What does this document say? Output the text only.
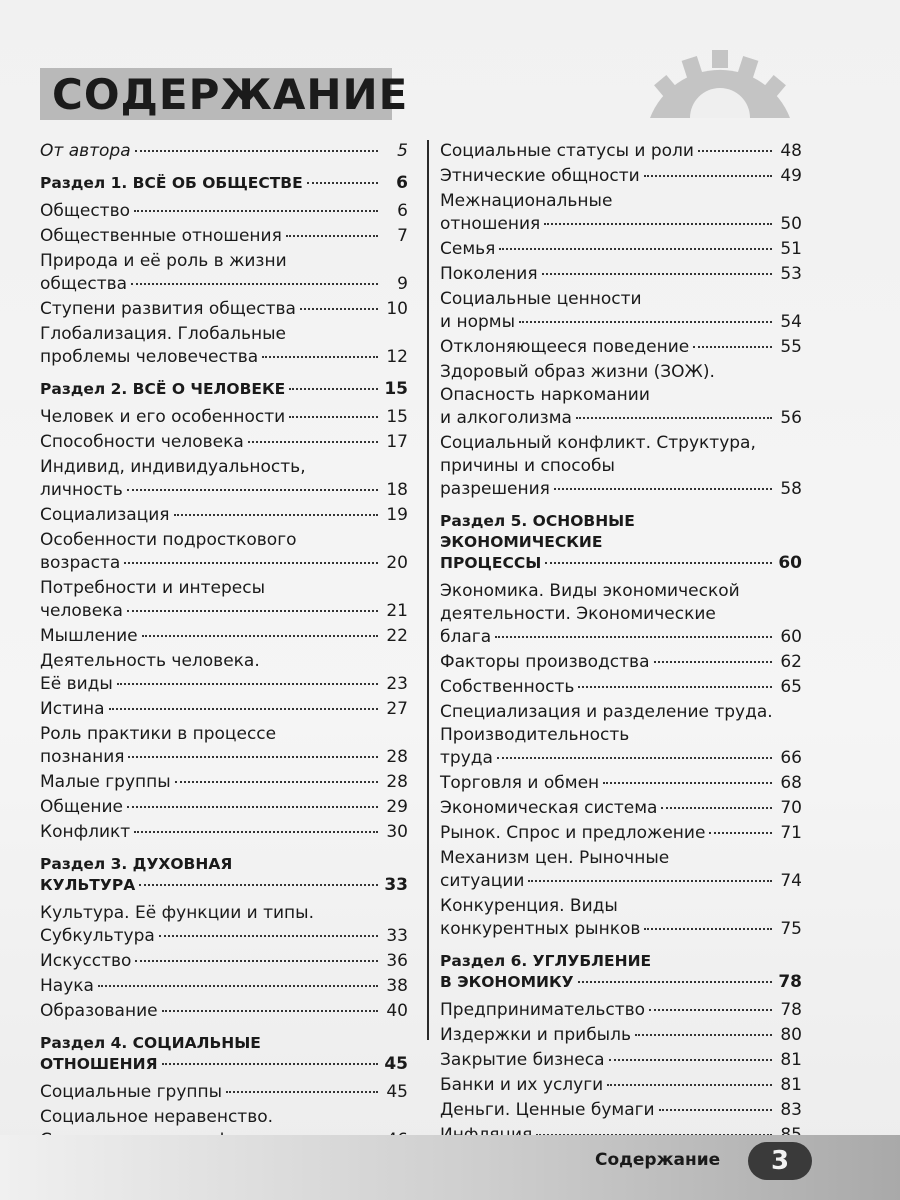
СОДЕРЖАНИЕ
От автора	5
Раздел 1. ВСЁ ОБ ОБЩЕСТВЕ	6
Общество	6
Общественные отношения	7
Природа и её роль в жизни
общества	9
Ступени развития общества	10
Глобализация. Глобальные
проблемы человечества	12
Раздел 2. ВСЁ О ЧЕЛОВЕКЕ	15
Человек и его особенности	15
Способности человека	17
Индивид, индивидуальность,
личность	18
Социализация	19
Особенности подросткового
возраста	20
Потребности и интересы
человека	21
Мышление	22
Деятельность человека.
Её виды	23
Истина	27
Роль практики в процессе
познания	28
Малые группы	28
Общение	29
Конфликт	30
Раздел 3. ДУХОВНАЯ
КУЛЬТУРА	33
Культура. Её функции и типы.
Субкультура	33
Искусство	36
Наука	38
Образование	40
Раздел 4. СОЦИАЛЬНЫЕ
ОТНОШЕНИЯ	45
Социальные группы	45
Социальное неравенство.
Социальные статусы и роли	48
Этнические общности	49
Межнациональные
отношения	50
Семья	51
Поколения	53
Социальные ценности
и нормы	54
Отклоняющееся поведение	55
Здоровый образ жизни (ЗОЖ). Опасность наркомании
и алкоголизма	56
Социальный конфликт. Структура, причины и способы
разрешения	58
Раздел 5. ОСНОВНЫЕ ЭКОНОМИЧЕСКИЕ
ПРОЦЕССЫ	60
Экономика. Виды экономической деятельности. Экономические
блага	60
Факторы производства	62
Собственность	65
Специализация и разделение труда. Производительность
труда	66
Торговля и обмен	68
Экономическая система	70
Рынок. Спрос и предложение	71
Механизм цен. Рыночные
ситуации	74
Конкуренция. Виды
конкурентных рынков	75
Раздел 6. УГЛУБЛЕНИЕ
В ЭКОНОМИКУ	78
Предпринимательство	78
Издержки и прибыль	80
Закрытие бизнеса	81
Банки и их услуги	81
Деньги. Ценные бумаги	83
Содержание	3
